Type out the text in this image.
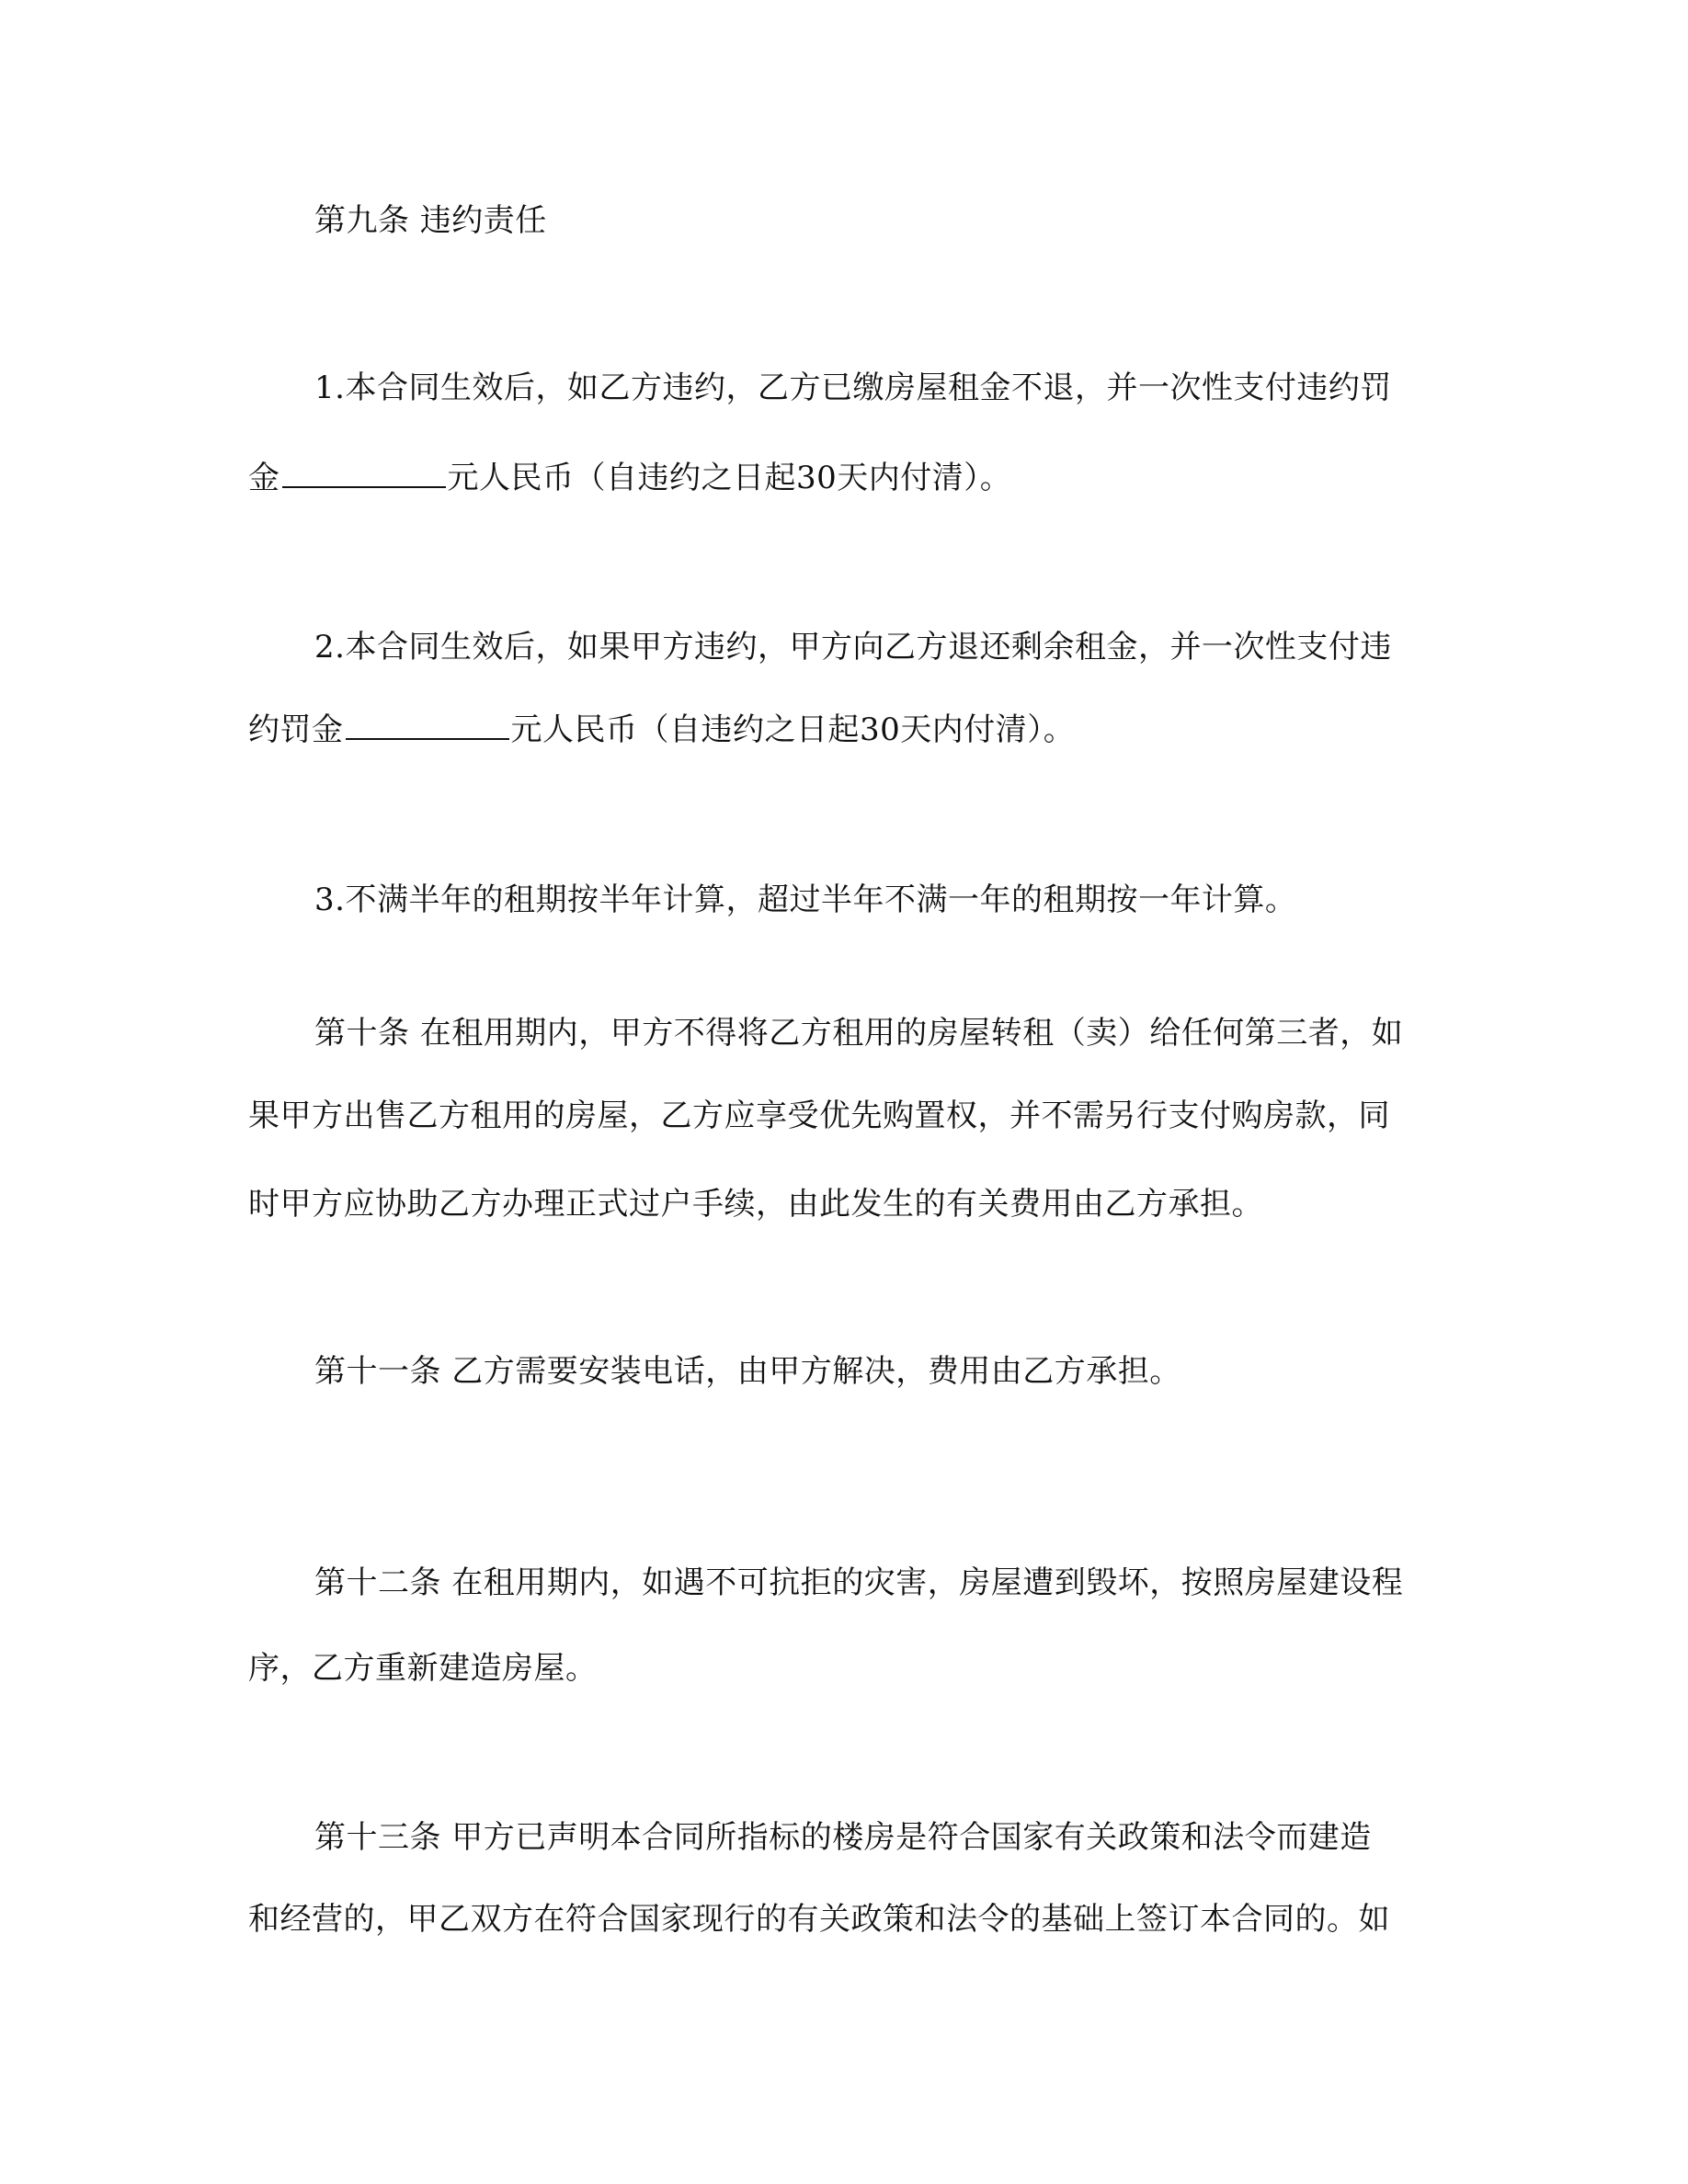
第九条 违约责任
1.本合同生效后，如乙方违约，乙方已缴房屋租金不退，并一次性支付违约罚
金	元人民币（自违约之日起30天内付清）。
2.本合同生效后，如果甲方违约，甲方向乙方退还剩余租金，并一次性支付违
约罚金	元人民币（自违约之日起30天内付清）。
3.不满半年的租期按半年计算，超过半年不满一年的租期按一年计算。
第十条 在租用期内，甲方不得将乙方租用的房屋转租（卖）给任何第三者，如
果甲方出售乙方租用的房屋，乙方应享受优先购置权，并不需另行支付购房款，同
时甲方应协助乙方办理正式过户手续，由此发生的有关费用由乙方承担。
第十一条 乙方需要安装电话，由甲方解决，费用由乙方承担。
第十二条 在租用期内，如遇不可抗拒的灾害，房屋遭到毁坏，按照房屋建设程
序，乙方重新建造房屋。
第十三条 甲方已声明本合同所指标的楼房是符合国家有关政策和法令而建造
和经营的，甲乙双方在符合国家现行的有关政策和法令的基础上签订本合同的。如
